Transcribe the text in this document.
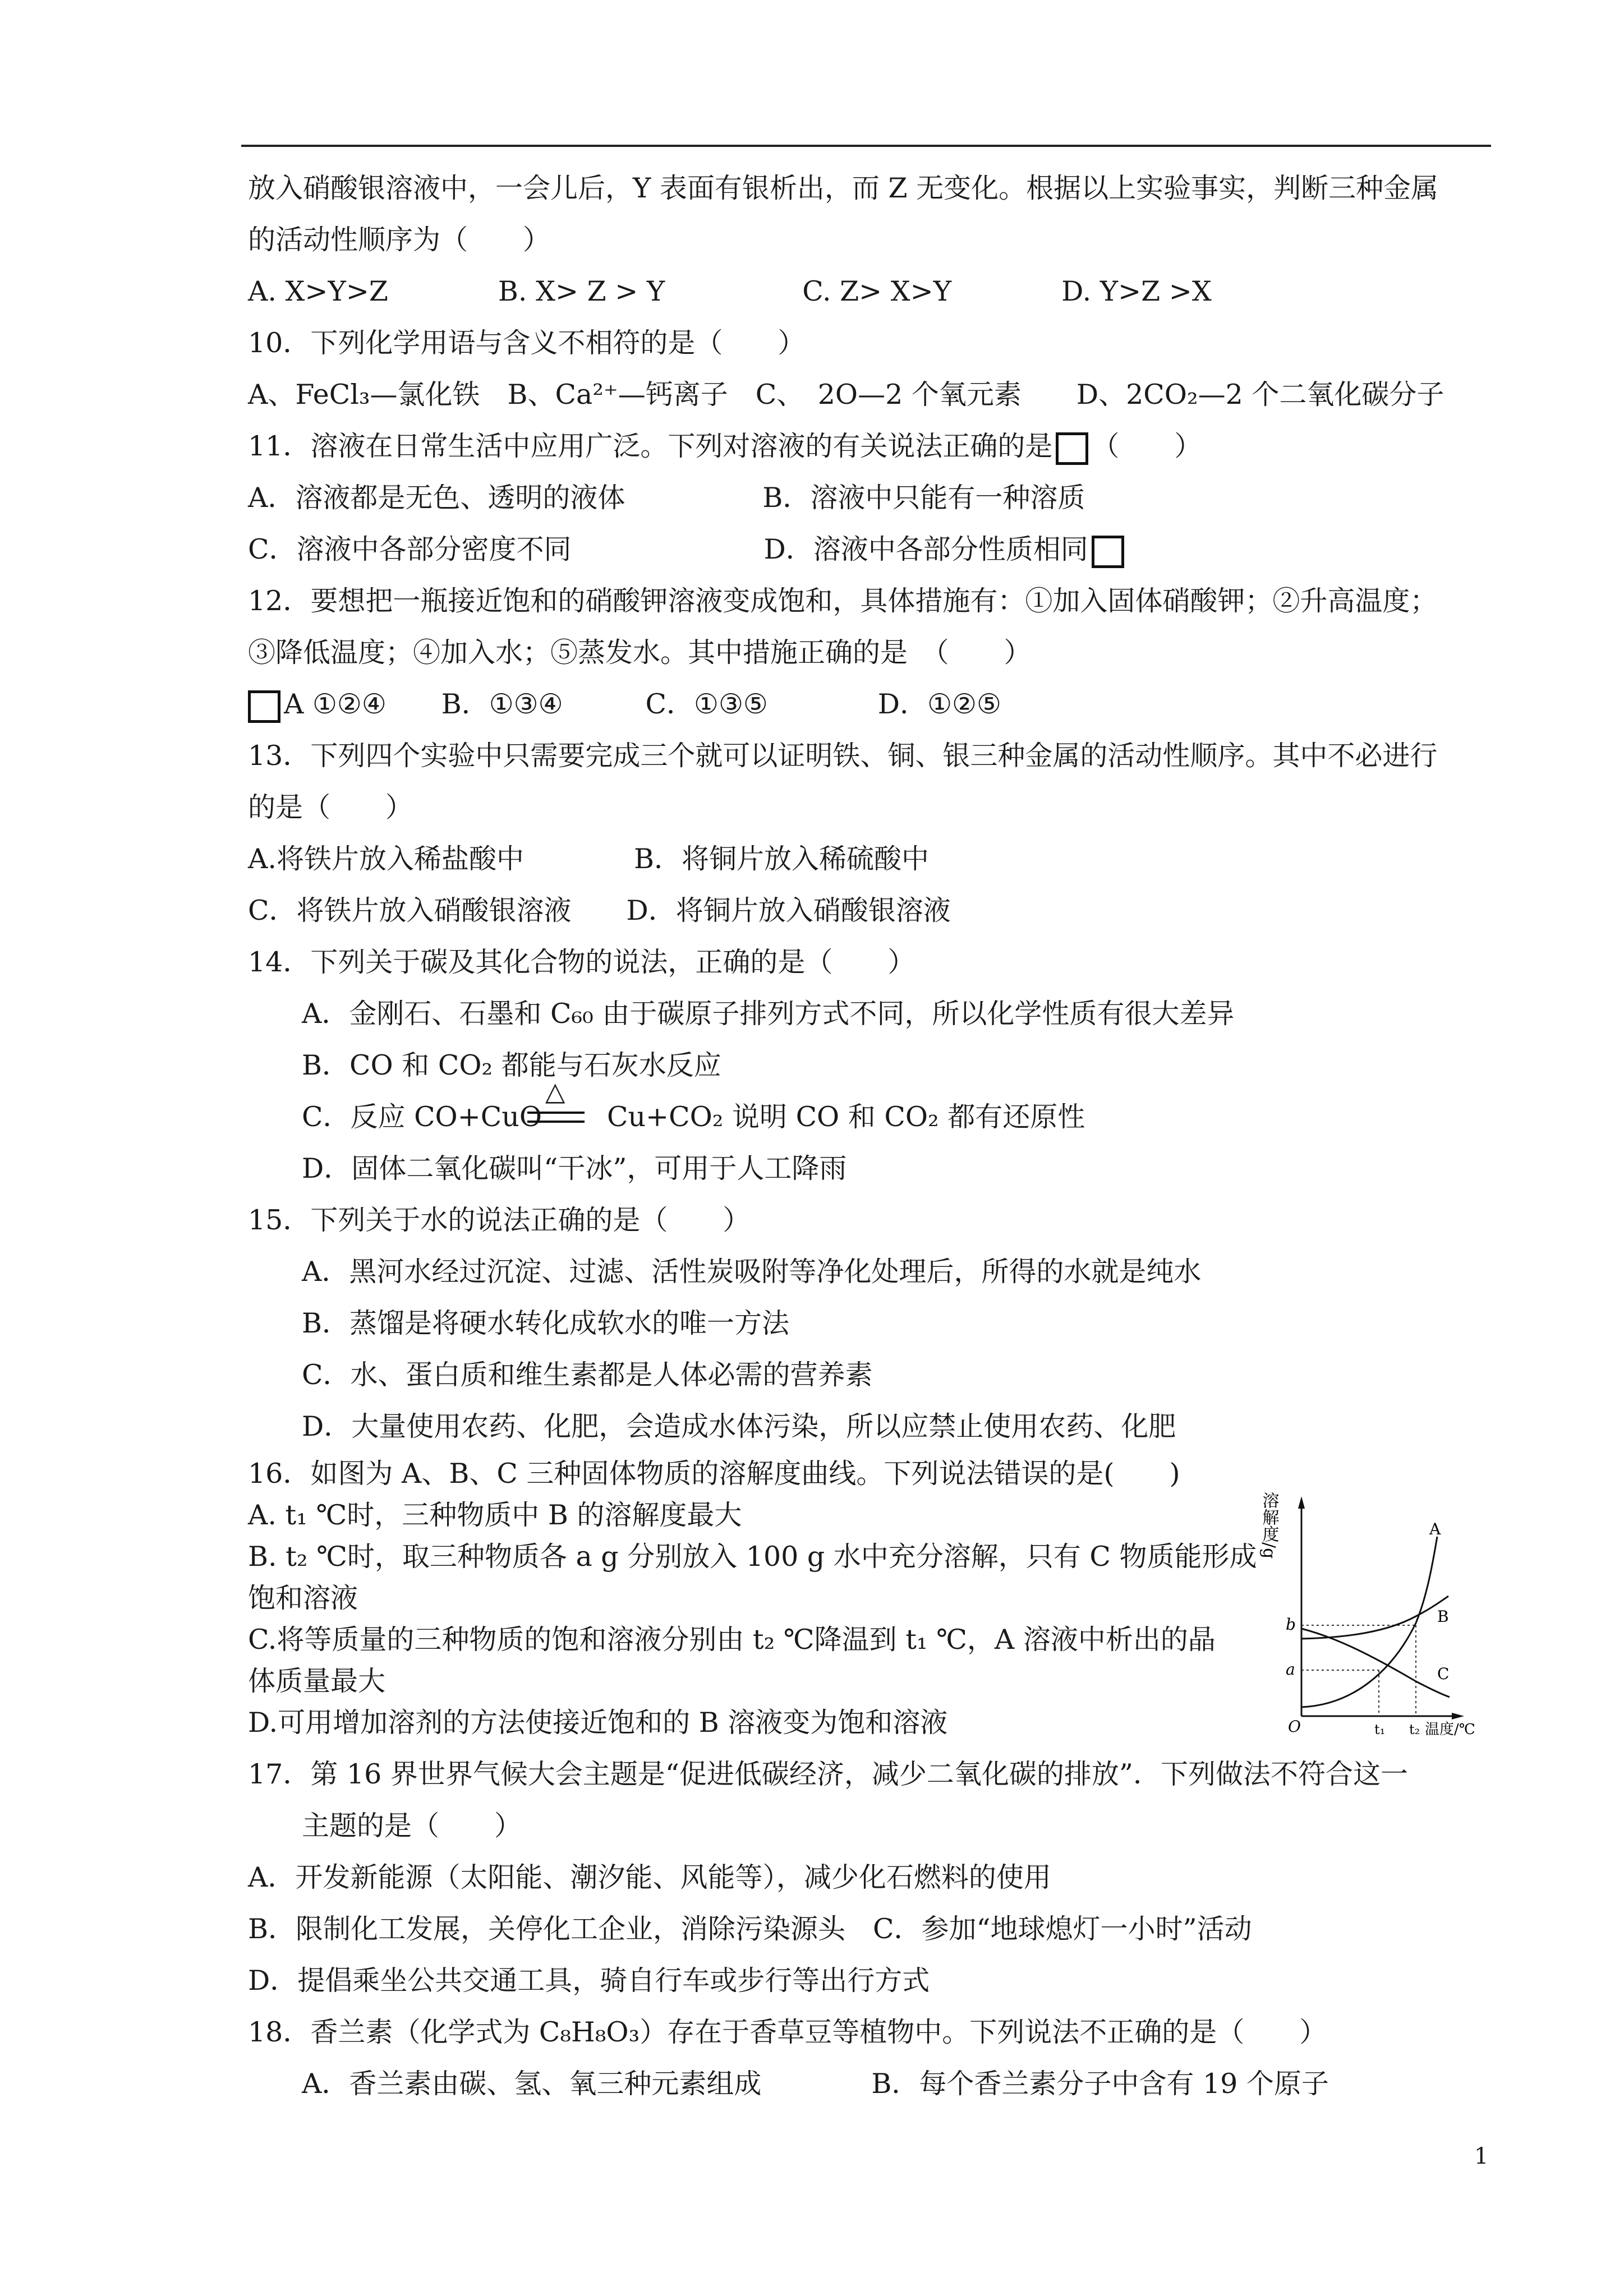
放入硝酸银溶液中，一会儿后，Y 表面有银析出，而 Z 无变化。根据以上实验事实，判断三种金属
的活动性顺序为（　　）
A. X>Y>Z　　　　B. X> Z > Y　　　　　C. Z> X>Y　　　　D. Y>Z >X
10．下列化学用语与含义不相符的是（　　）
A、FeCl₃—氯化铁　B、Ca²⁺—钙离子　C、　2O—2 个氧元素　　D、2CO₂—2 个二氧化碳分子
11．溶液在日常生活中应用广泛。下列对溶液的有关说法正确的是 （　　）
A．溶液都是无色、透明的液体　　　　　B．溶液中只能有一种溶质
C．溶液中各部分密度不同　　　　　　　D．溶液中各部分性质相同
12．要想把一瓶接近饱和的硝酸钾溶液变成饱和，具体措施有：①加入固体硝酸钾；②升高温度；
③降低温度；④加入水；⑤蒸发水。其中措施正确的是　（　　）
A ①②④　　B．①③④　　　C．①③⑤　　　　D．①②⑤
13．下列四个实验中只需要完成三个就可以证明铁、铜、银三种金属的活动性顺序。其中不必进行
的是（　　）
A.将铁片放入稀盐酸中　　　　B．将铜片放入稀硫酸中
C．将铁片放入硝酸银溶液　　D．将铜片放入硝酸银溶液
14．下列关于碳及其化合物的说法，正确的是（　　）
A．金刚石、石墨和 C₆₀ 由于碳原子排列方式不同，所以化学性质有很大差异
B．CO 和 CO₂ 都能与石灰水反应
C．反应 CO+CuO
△
Cu+CO₂ 说明 CO 和 CO₂ 都有还原性
D．固体二氧化碳叫“干冰”，可用于人工降雨
15．下列关于水的说法正确的是（　　）
A．黑河水经过沉淀、过滤、活性炭吸附等净化处理后，所得的水就是纯水
B．蒸馏是将硬水转化成软水的唯一方法
C．水、蛋白质和维生素都是人体必需的营养素
D．大量使用农药、化肥，会造成水体污染，所以应禁止使用农药、化肥
16．如图为 A、B、C 三种固体物质的溶解度曲线。下列说法错误的是(　　)
A. t₁ ℃时，三种物质中 B 的溶解度最大
B. t₂ ℃时，取三种物质各 a g 分别放入 100 g 水中充分溶解，只有 C 物质能形成
饱和溶液
C.将等质量的三种物质的饱和溶液分别由 t₂ ℃降温到 t₁ ℃，A 溶液中析出的晶
体质量最大
D.可用增加溶剂的方法使接近饱和的 B 溶液变为饱和溶液
溶解度/g
O
b
a
t₁ t₂ 温度/℃
A
B
C
17．第 16 界世界气候大会主题是“促进低碳经济，减少二氧化碳的排放”．下列做法不符合这一
主题的是（　　）
A．开发新能源（太阳能、潮汐能、风能等），减少化石燃料的使用
B．限制化工发展，关停化工企业，消除污染源头　C．参加“地球熄灯一小时”活动
D．提倡乘坐公共交通工具，骑自行车或步行等出行方式
18．香兰素（化学式为 C₈H₈O₃）存在于香草豆等植物中。下列说法不正确的是（　　）
A．香兰素由碳、氢、氧三种元素组成　　　　B．每个香兰素分子中含有 19 个原子
1
